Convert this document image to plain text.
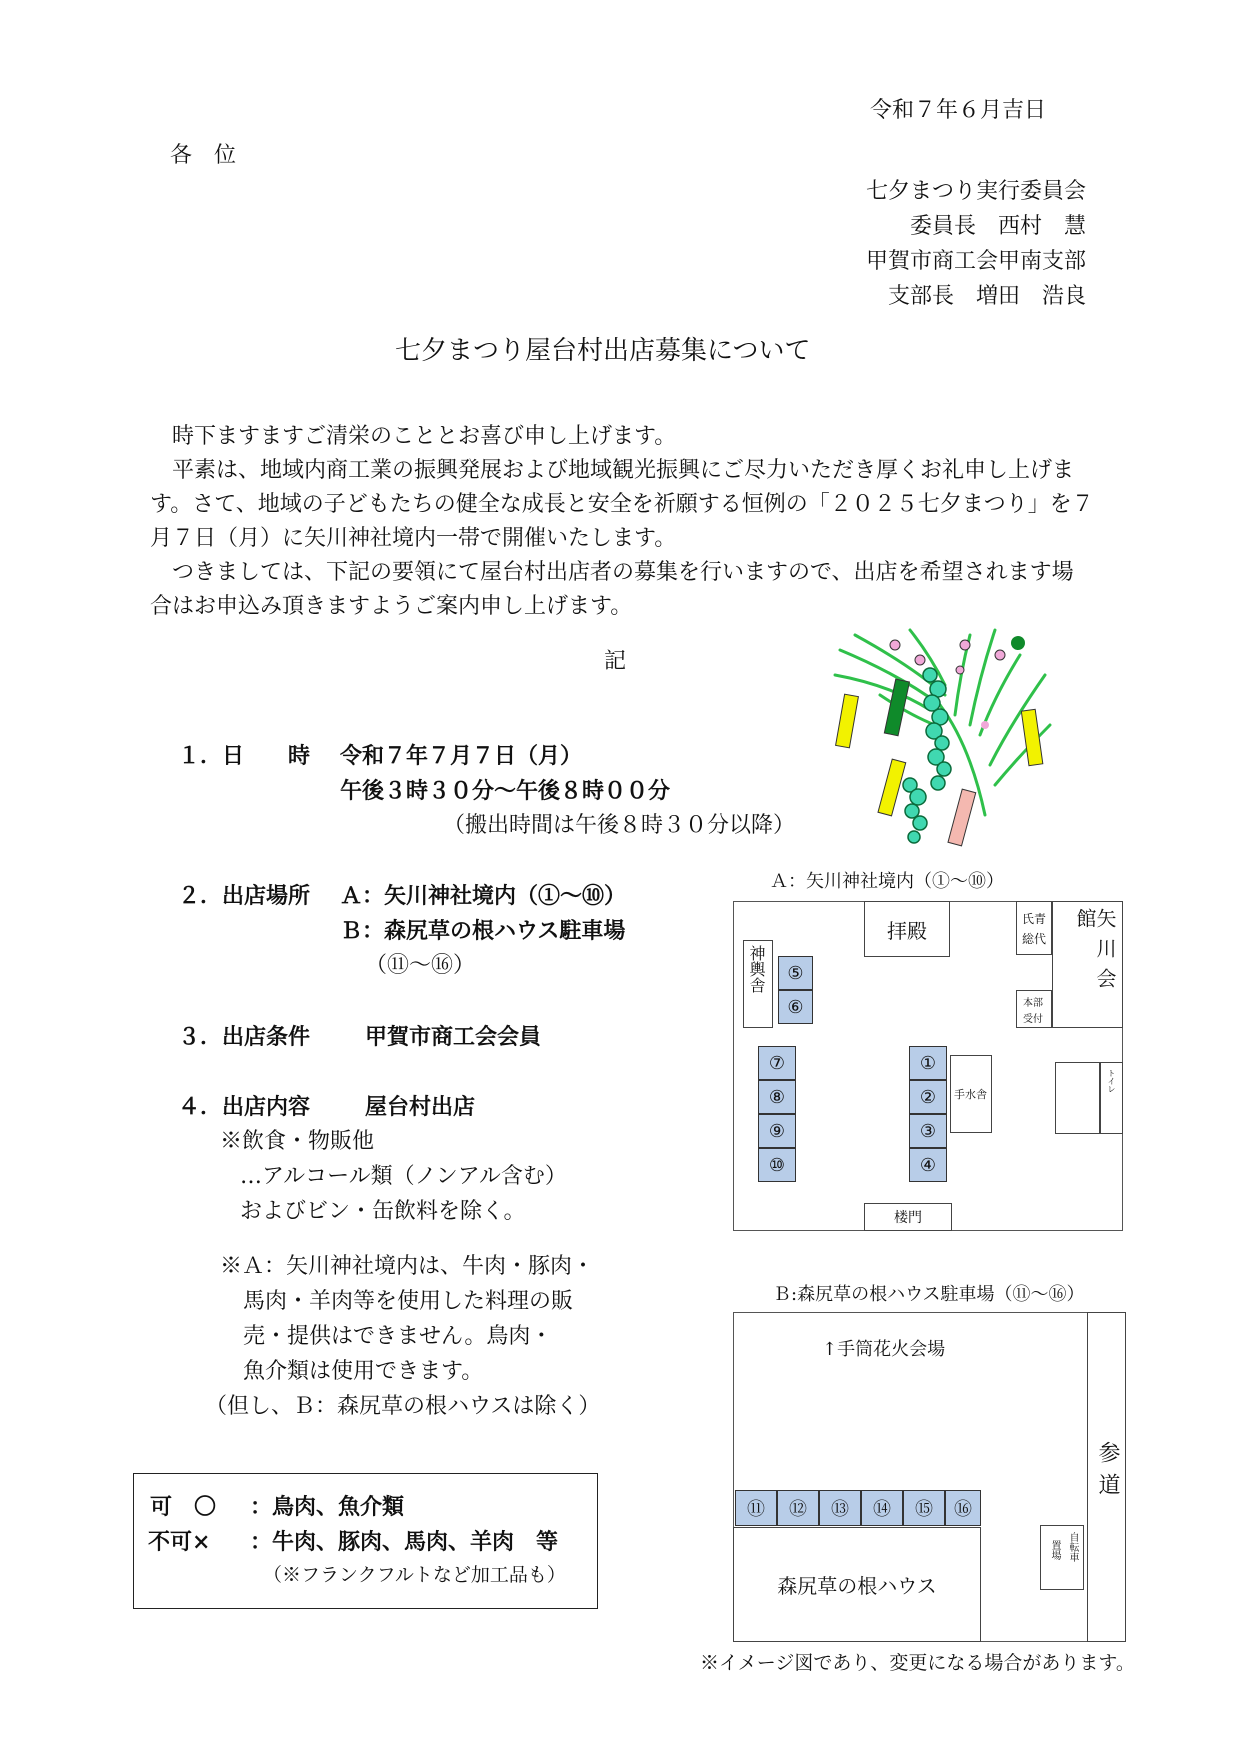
令和７年６月吉日
各　位
七夕まつり実行委員会
委員長　西村　慧
甲賀市商工会甲南支部
支部長　増田　浩良
七夕まつり屋台村出店募集について
時下ますますご清栄のこととお喜び申し上げます。
平素は、地域内商工業の振興発展および地域観光振興にご尽力いただき厚くお礼申し上げます。さて、地域の子どもたちの健全な成長と安全を祈願する恒例の「２０２５七夕まつり」を７月７日（月）に矢川神社境内一帯で開催いたします。
つきましては、下記の要領にて屋台村出店者の募集を行いますので、出店を希望されます場合はお申込み頂きますようご案内申し上げます。
記
１．日　　時 令和７年７月７日（月）
午後３時３０分～午後８時００分
（搬出時間は午後８時３０分以降）
２．出店場所 Ａ：矢川神社境内（①～⑩）
Ｂ：森尻草の根ハウス駐車場
（⑪～⑯）
３．出店条件 甲賀市商工会会員
４．出店内容 屋台村出店
※飲食・物販他
…アルコール類（ノンアル含む）
およびビン・缶飲料を除く。
※Ａ：矢川神社境内は、牛肉・豚肉・
馬肉・羊肉等を使用した料理の販
売・提供はできません。鳥肉・
魚介類は使用できます。
（但し、Ｂ：森尻草の根ハウスは除く）
可　〇 ：鳥肉、魚介類
不可× ：牛肉、豚肉、馬肉、羊肉　等
（※フランクフルトなど加工品も）
Ａ：矢川神社境内（①～⑩）
拝殿
神輿舎
氏青
総代	矢川会館
本部
受付
手水舎
トイレ
楼門
⑤
⑥
⑦
⑧
⑨
⑩
①
②
③
④
Ｂ:森尻草の根ハウス駐車場（⑪～⑯）
参道
↑手筒花火会場
森尻草の根ハウス
自転車
置場
⑪	⑫	⑬	⑭	⑮	⑯
※イメージ図であり、変更になる場合があります。
